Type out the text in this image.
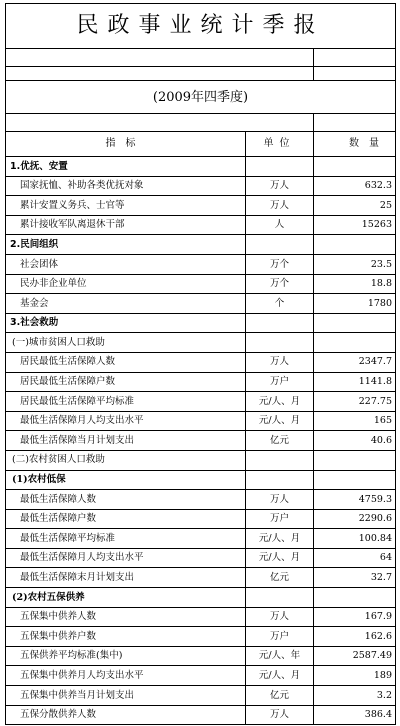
民政事业统计季报		

(2009年四季度)		

指标	单位	数量
1.优抚、安置		
国家抚恤、补助各类优抚对象	万人	632.3
累计安置义务兵、士官等	万人	25
累计接收军队离退休干部	人	15263
2.民间组织		
社会团体	万个	23.5
民办非企业单位	万个	18.8
基金会	个	1780
3.社会救助		
(一)城市贫困人口救助		
居民最低生活保障人数	万人	2347.7
居民最低生活保障户数	万户	1141.8
居民最低生活保障平均标准	元/人、月	227.75
最低生活保障月人均支出水平	元/人、月	165
最低生活保障当月计划支出	亿元	40.6
(二)农村贫困人口救助		
(1)农村低保		
最低生活保障人数	万人	4759.3
最低生活保障户数	万户	2290.6
最低生活保障平均标准	元/人、月	100.84
最低生活保障月人均支出水平	元/人、月	64
最低生活保障末月计划支出	亿元	32.7
(2)农村五保供养		
五保集中供养人数	万人	167.9
五保集中供养户数	万户	162.6
五保供养平均标准(集中)	元/人、年	2587.49
五保集中供养月人均支出水平	元/人、月	189
五保集中供养当月计划支出	亿元	3.2
五保分散供养人数	万人	386.4
